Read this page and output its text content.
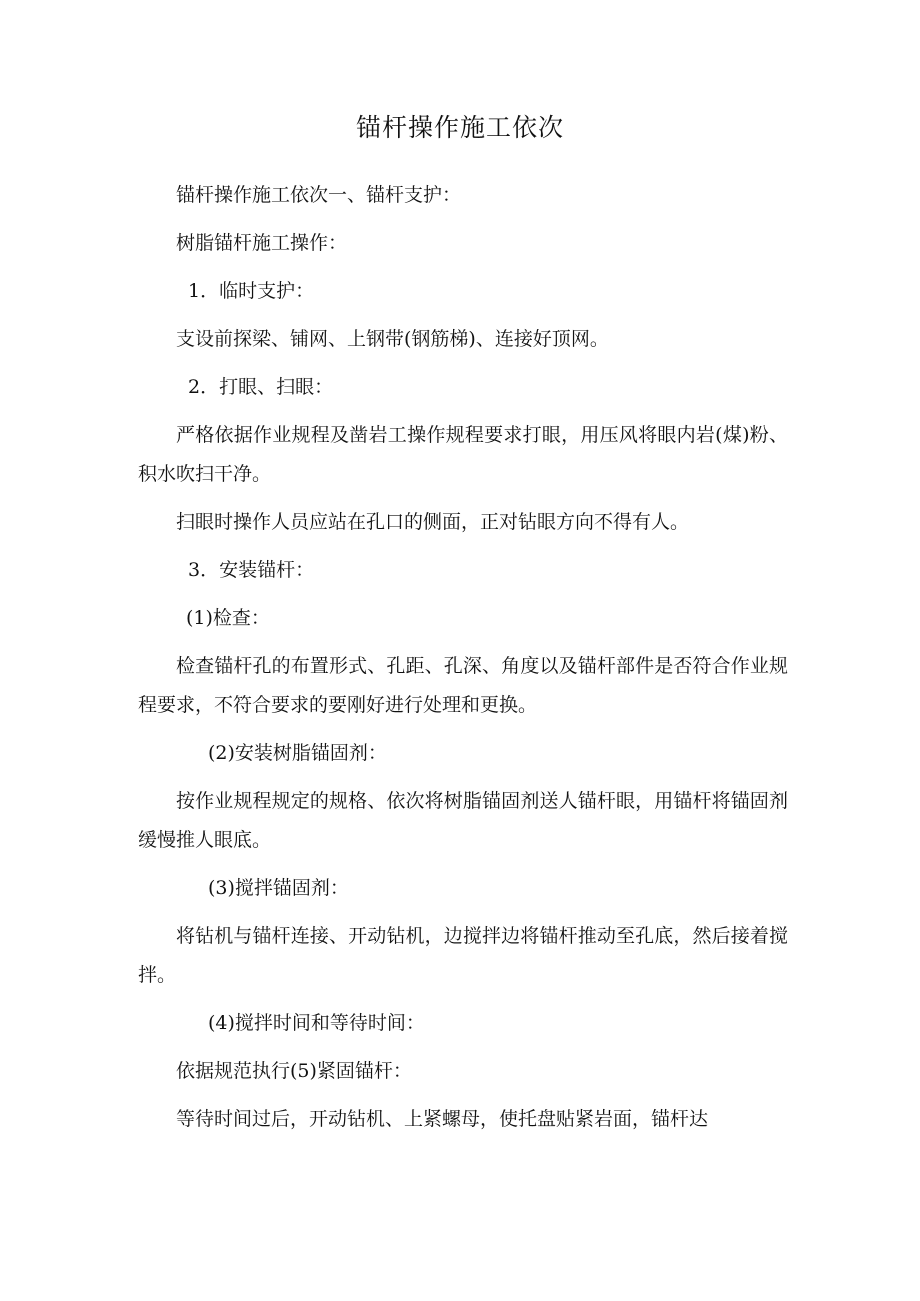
锚杆操作施工依次

锚杆操作施工依次一、锚杆支护：

树脂锚杆施工操作：

1．临时支护：

支设前探梁、铺网、上钢带(钢筋梯)、连接好顶网。

2．打眼、扫眼：

严格依据作业规程及凿岩工操作规程要求打眼，用压风将眼内岩(煤)粉、积水吹扫干净。

扫眼时操作人员应站在孔口的侧面，正对钻眼方向不得有人。

3．安装锚杆：

(1)检查：

检查锚杆孔的布置形式、孔距、孔深、角度以及锚杆部件是否符合作业规程要求，不符合要求的要刚好进行处理和更换。

(2)安装树脂锚固剂：

按作业规程规定的规格、依次将树脂锚固剂送人锚杆眼，用锚杆将锚固剂缓慢推人眼底。

(3)搅拌锚固剂：

将钻机与锚杆连接、开动钻机，边搅拌边将锚杆推动至孔底，然后接着搅拌。

(4)搅拌时间和等待时间：

依据规范执行(5)紧固锚杆：

等待时间过后，开动钻机、上紧螺母，使托盘贴紧岩面，锚杆达
